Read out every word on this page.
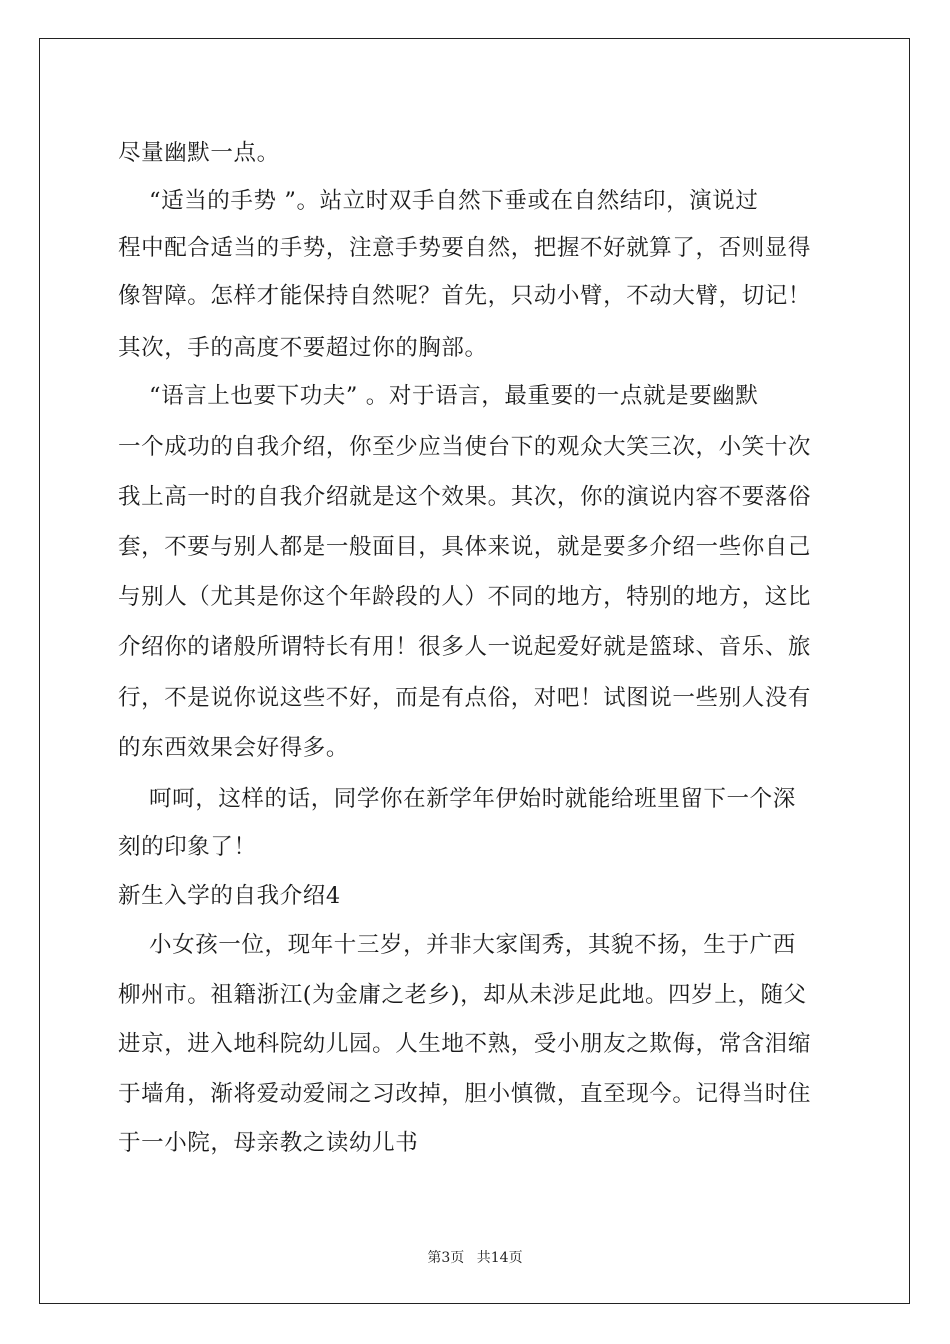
尽量幽默一点。
“适当的手势 ”。站立时双手自然下垂或在自然结印，演说过
程中配合适当的手势，注意手势要自然，把握不好就算了，否则显得
像智障。怎样才能保持自然呢？首先，只动小臂，不动大臂，切记！
其次，手的高度不要超过你的胸部。
“语言上也要下功夫” 。对于语言，最重要的一点就是要幽默
一个成功的自我介绍，你至少应当使台下的观众大笑三次，小笑十次
我上高一时的自我介绍就是这个效果。其次，你的演说内容不要落俗
套，不要与别人都是一般面目，具体来说，就是要多介绍一些你自己
与别人（尤其是你这个年龄段的人）不同的地方，特别的地方，这比
介绍你的诸般所谓特长有用！很多人一说起爱好就是篮球、音乐、旅
行，不是说你说这些不好，而是有点俗，对吧！试图说一些别人没有
的东西效果会好得多。
呵呵，这样的话，同学你在新学年伊始时就能给班里留下一个深
刻的印象了！
新生入学的自我介绍4
小女孩一位，现年十三岁，并非大家闺秀，其貌不扬，生于广西
柳州市。祖籍浙江(为金庸之老乡)，却从未涉足此地。四岁上，随父
进京，进入地科院幼儿园。人生地不熟，受小朋友之欺侮，常含泪缩
于墙角，渐将爱动爱闹之习改掉，胆小慎微，直至现今。记得当时住
于一小院，母亲教之读幼儿书
第3页 共14页
